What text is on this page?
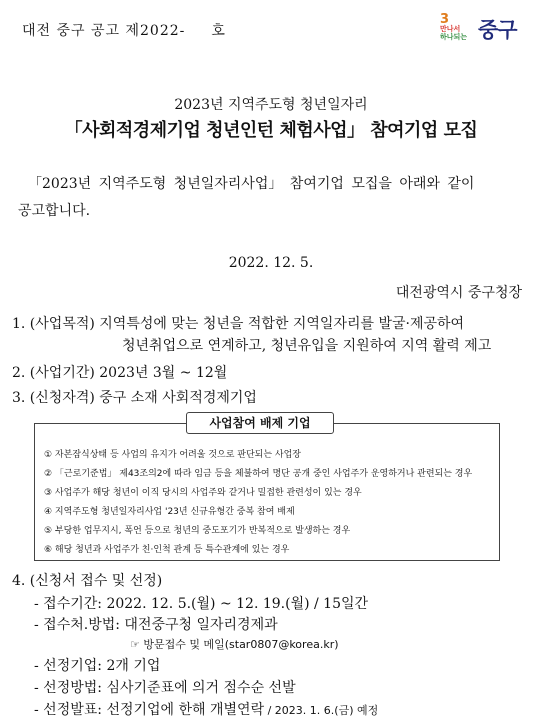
대전 중구 공고 제2022- 호
3
만나서
하나되는 중구
2023년 지역주도형 청년일자리
「사회적경제기업 청년인턴 체험사업」 참여기업 모집
「2023년 지역주도형 청년일자리사업」 참여기업 모집을 아래와 같이
공고합니다.
2022. 12. 5.
대전광역시 중구청장
1. (사업목적) 지역특성에 맞는 청년을 적합한 지역일자리를 발굴·제공하여
청년취업으로 연계하고, 청년유입을 지원하여 지역 활력 제고
2. (사업기간) 2023년 3월 ~ 12월
3. (신청자격) 중구 소재 사회적경제기업
사업참여 배제 기업
① 자본잠식상태 등 사업의 유지가 어려울 것으로 판단되는 사업장
② 「근로기준법」 제43조의2에 따라 임금 등을 체불하여 명단 공개 중인 사업주가 운영하거나 관련되는 경우
③ 사업주가 해당 청년이 이직 당시의 사업주와 같거나 밀접한 관련성이 있는 경우
④ 지역주도형 청년일자리사업 '23년 신규유형간 중복 참여 배제
⑤ 부당한 업무지시, 폭언 등으로 청년의 중도포기가 반복적으로 발생하는 경우
⑥ 해당 청년과 사업주가 친·인척 관계 등 특수관계에 있는 경우
4. (신청서 접수 및 선정)
- 접수기간: 2022. 12. 5.(월) ~ 12. 19.(월) / 15일간
- 접수처.방법: 대전중구청 일자리경제과
☞ 방문접수 및 메일(star0807@korea.kr)
- 선정기업: 2개 기업
- 선정방법: 심사기준표에 의거 점수순 선발
- 선정발표: 선정기업에 한해 개별연락 / 2023. 1. 6.(금) 예정
